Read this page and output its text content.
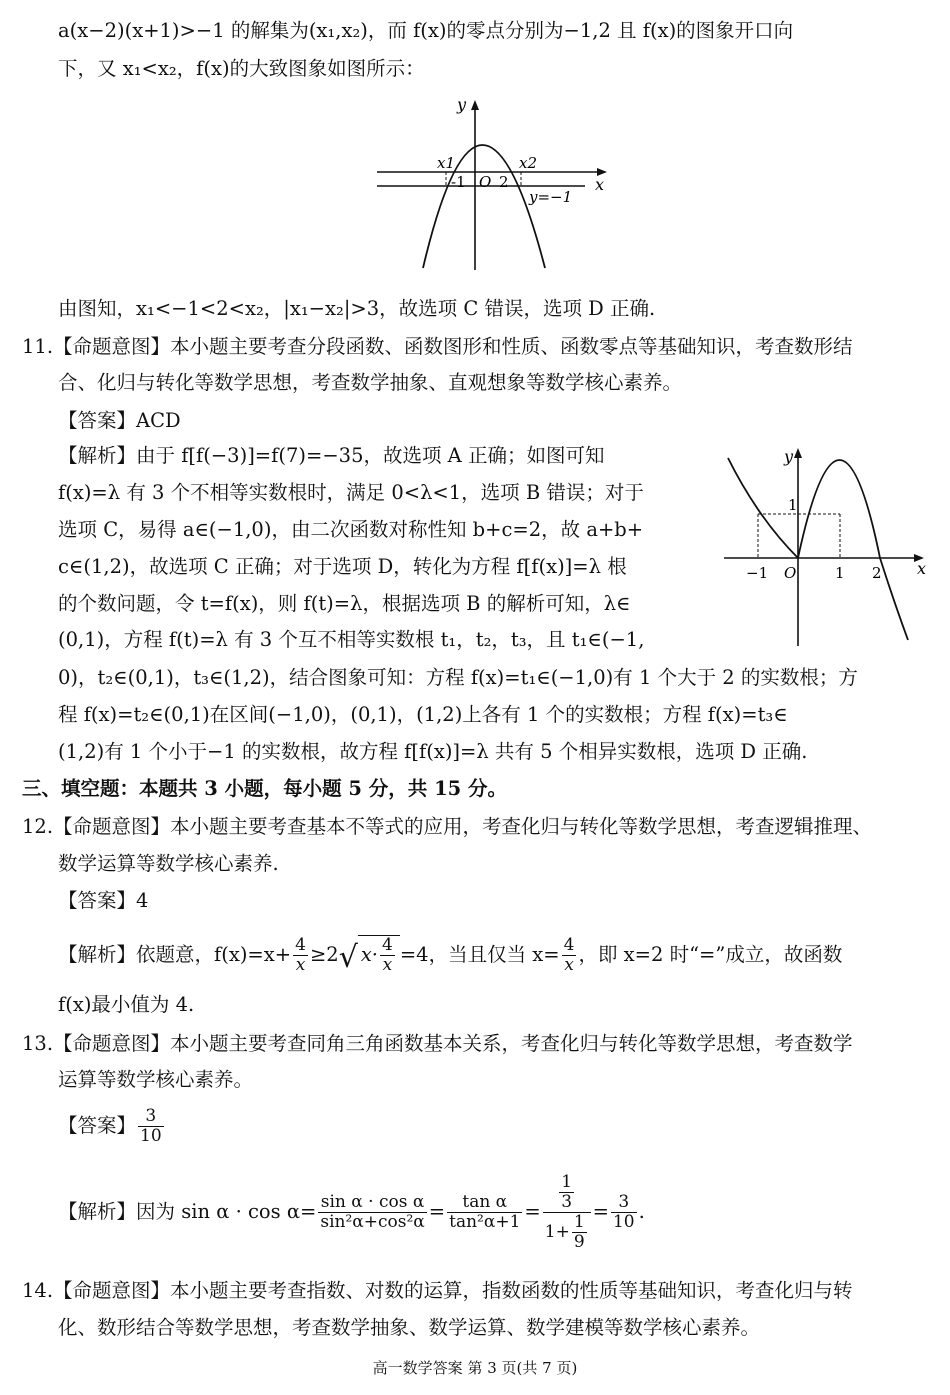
a(x−2)(x+1)>−1 的解集为(x₁,x₂)，而 f(x)的零点分别为−1,2 且 f(x)的图象开口向
下，又 x₁<x₂，f(x)的大致图象如图所示：
y
x
x1	x2
-1 O 2
y=−1
由图知，x₁<−1<2<x₂，|x₁−x₂|>3，故选项 C 错误，选项 D 正确.
11.【命题意图】本小题主要考查分段函数、函数图形和性质、函数零点等基础知识，考查数形结
合、化归与转化等数学思想，考查数学抽象、直观想象等数学核心素养。
【答案】ACD
【解析】由于 f[f(−3)]=f(7)=−35，故选项 A 正确；如图可知
f(x)=λ 有 3 个不相等实数根时，满足 0<λ<1，选项 B 错误；对于
选项 C，易得 a∈(−1,0)，由二次函数对称性知 b+c=2，故 a+b+
c∈(1,2)，故选项 C 正确；对于选项 D，转化为方程 f[f(x)]=λ 根
的个数问题，令 t=f(x)，则 f(t)=λ，根据选项 B 的解析可知，λ∈
(0,1)，方程 f(t)=λ 有 3 个互不相等实数根 t₁，t₂，t₃，且 t₁∈(−1,
0)，t₂∈(0,1)，t₃∈(1,2)，结合图象可知：方程 f(x)=t₁∈(−1,0)有 1 个大于 2 的实数根；方
程 f(x)=t₂∈(0,1)在区间(−1,0)，(0,1)，(1,2)上各有 1 个的实数根；方程 f(x)=t₃∈
(1,2)有 1 个小于−1 的实数根，故方程 f[f(x)]=λ 共有 5 个相异实数根，选项 D 正确.
y
x
1
−1 O	1 2
三、填空题：本题共 3 小题，每小题 5 分，共 15 分。
12.【命题意图】本小题主要考查基本不等式的应用，考查化归与转化等数学思想，考查逻辑推理、
数学运算等数学核心素养.
【答案】4
【解析】依题意，$f(x)=x+ \frac{4}{x} \ge 2√$ $x\cdot \frac{4}{x} =4$，当且仅当 $x= \frac{4}{x}$ ，即 x=2 时“=”成立，故函数
f(x)最小值为 4.
13.【命题意图】本小题主要考查同角三角函数基本关系，考查化归与转化等数学思想，考查数学
运算等数学核心素养。
【答案】 $\frac{3}{10}$
【解析】因为 $\sin \alpha \cdot \cos \alpha= \frac{\text{sin α · cos α}}{\text{sin²α+cos²α}} = \frac{\text{tan α}}{\text{tan²α+1}} = \frac{\frac{1}{3}}{1+ \frac{1}{9}} = \frac{3}{10}$ .
14.【命题意图】本小题主要考查指数、对数的运算，指数函数的性质等基础知识，考查化归与转
化、数形结合等数学思想，考查数学抽象、数学运算、数学建模等数学核心素养。
高一数学答案 第 3 页(共 7 页)
